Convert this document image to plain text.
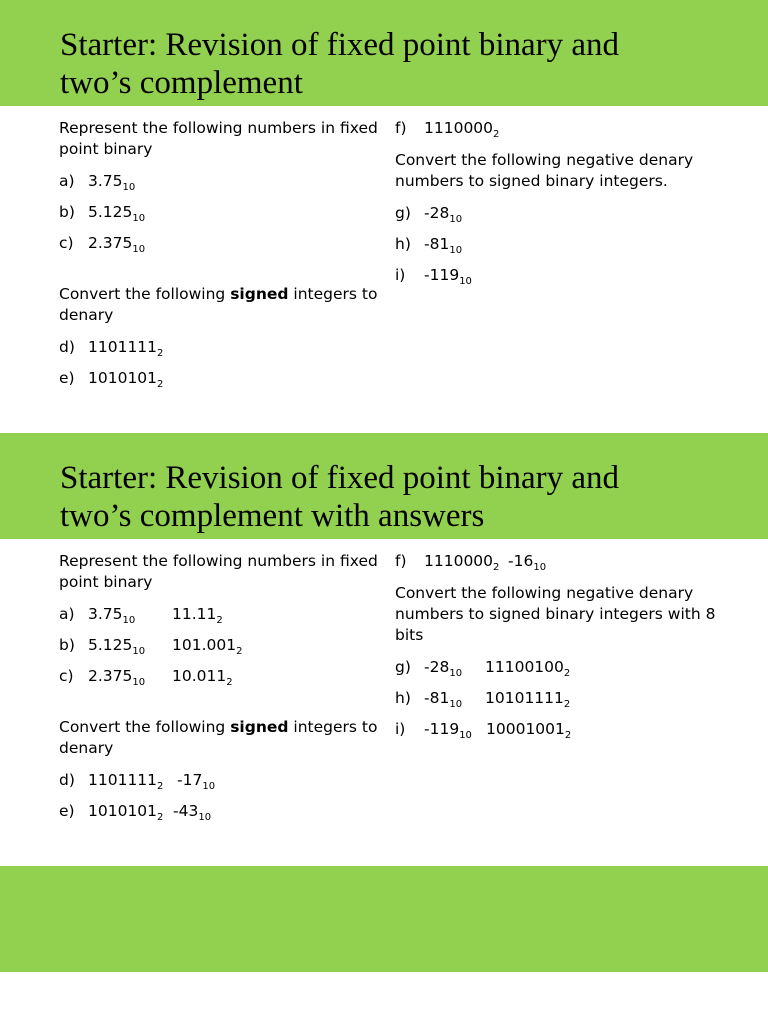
Starter: Revision of fixed point binary and
two’s complement

Represent the following numbers in fixed point binary

a) $3.75_{10}$
b) $5.125_{10}$
c) $2.375_{10}$

Convert the following signed integers to denary

d) $1101111_2$
e) $1010101_2$
f) $1110000_2$

Convert the following negative denary numbers to signed binary integers.

g) $-28_{10}$
h) $-81_{10}$
i) $-119_{10}$
Starter: Revision of fixed point binary and
two’s complement with answers

Represent the following numbers in fixed point binary

a) $3.75_{10}$ $11.11_2$
b) $5.125_{10}$ $101.001_2$
c) $2.375_{10}$ $10.011_2$

Convert the following signed integers to denary

d) $1101111_2$ $-17_{10}$
e) $1010101_2$ $-43_{10}$
f) $1110000_2$ $-16_{10}$

Convert the following negative denary numbers to signed binary integers with 8 bits

g) $-28_{10}$ $11100100_2$
h) $-81_{10}$ $10101111_2$
i) $-119_{10}$ $10001001_2$
